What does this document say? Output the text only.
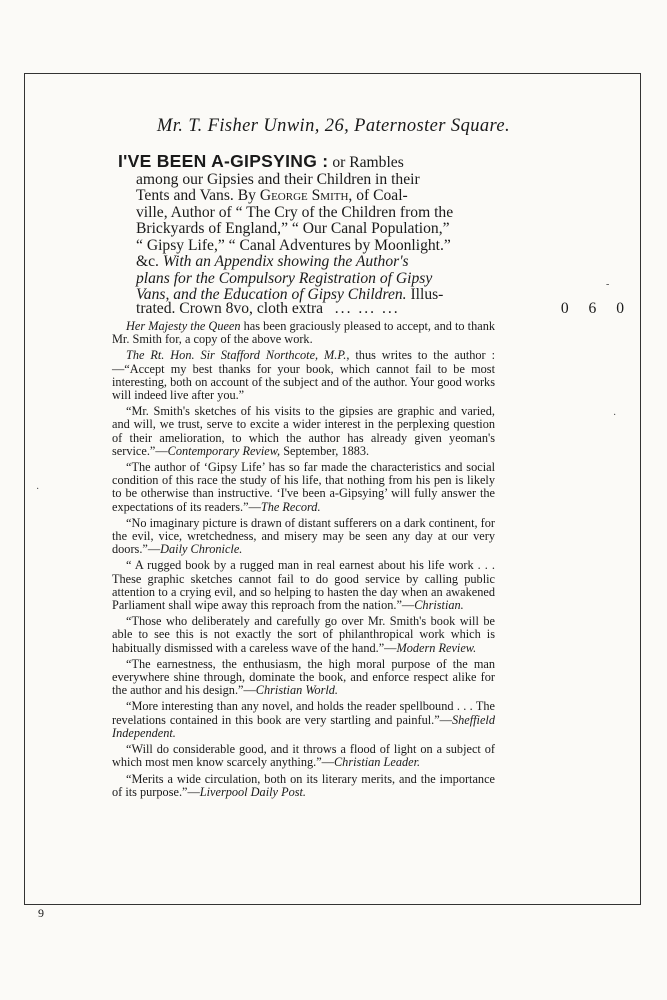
Mr. T. Fisher Unwin, 26, Paternoster Square.
I'VE BEEN A-GIPSYING : or Rambles
among our Gipsies and their Children in their
Tents and Vans. By George Smith, of Coal-
ville, Author of “ The Cry of the Children from the
Brickyards of England,” “ Our Canal Population,”
“ Gipsy Life,” “ Canal Adventures by Moonlight.”
&c. With an Appendix showing the Author's
plans for the Compulsory Registration of Gipsy
Vans, and the Education of Gipsy Children. Illus-
trated. Crown 8vo, cloth extra ... ... ...	0 6 0

Her Majesty the Queen has been graciously pleased to accept, and to thank Mr. Smith for, a copy of the above work.

The Rt. Hon. Sir Stafford Northcote, M.P., thus writes to the author :—“Accept my best thanks for your book, which cannot fail to be most interesting, both on account of the subject and of the author. Your good works will indeed live after you.”

“Mr. Smith's sketches of his visits to the gipsies are graphic and varied, and will, we trust, serve to excite a wider interest in the perplexing question of their amelioration, to which the author has already given yeoman's service.”—Contemporary Review, September, 1883.

“The author of ‘Gipsy Life’ has so far made the characteristics and social condition of this race the study of his life, that nothing from his pen is likely to be otherwise than instructive. ‘I've been a-Gipsying’ will fully answer the expectations of its readers.”—The Record.

“No imaginary picture is drawn of distant sufferers on a dark continent, for the evil, vice, wretchedness, and misery may be seen any day at our very doors.”—Daily Chronicle.

“ A rugged book by a rugged man in real earnest about his life work . . . These graphic sketches cannot fail to do good service by calling public attention to a crying evil, and so helping to hasten the day when an awakened Parliament shall wipe away this reproach from the nation.”—Christian.

“Those who deliberately and carefully go over Mr. Smith's book will be able to see this is not exactly the sort of philanthropical work which is habitually dismissed with a careless wave of the hand.”—Modern Review.

“The earnestness, the enthusiasm, the high moral purpose of the man everywhere shine through, dominate the book, and enforce respect alike for the author and his design.”—Christian World.

“More interesting than any novel, and holds the reader spellbound . . . The revelations contained in this book are very startling and painful.”—Sheffield Independent.

“Will do considerable good, and it throws a flood of light on a subject of which most men know scarcely anything.”—Christian Leader.

“Merits a wide circulation, both on its literary merits, and the importance of its purpose.”—Liverpool Daily Post.

·
-
·
9
